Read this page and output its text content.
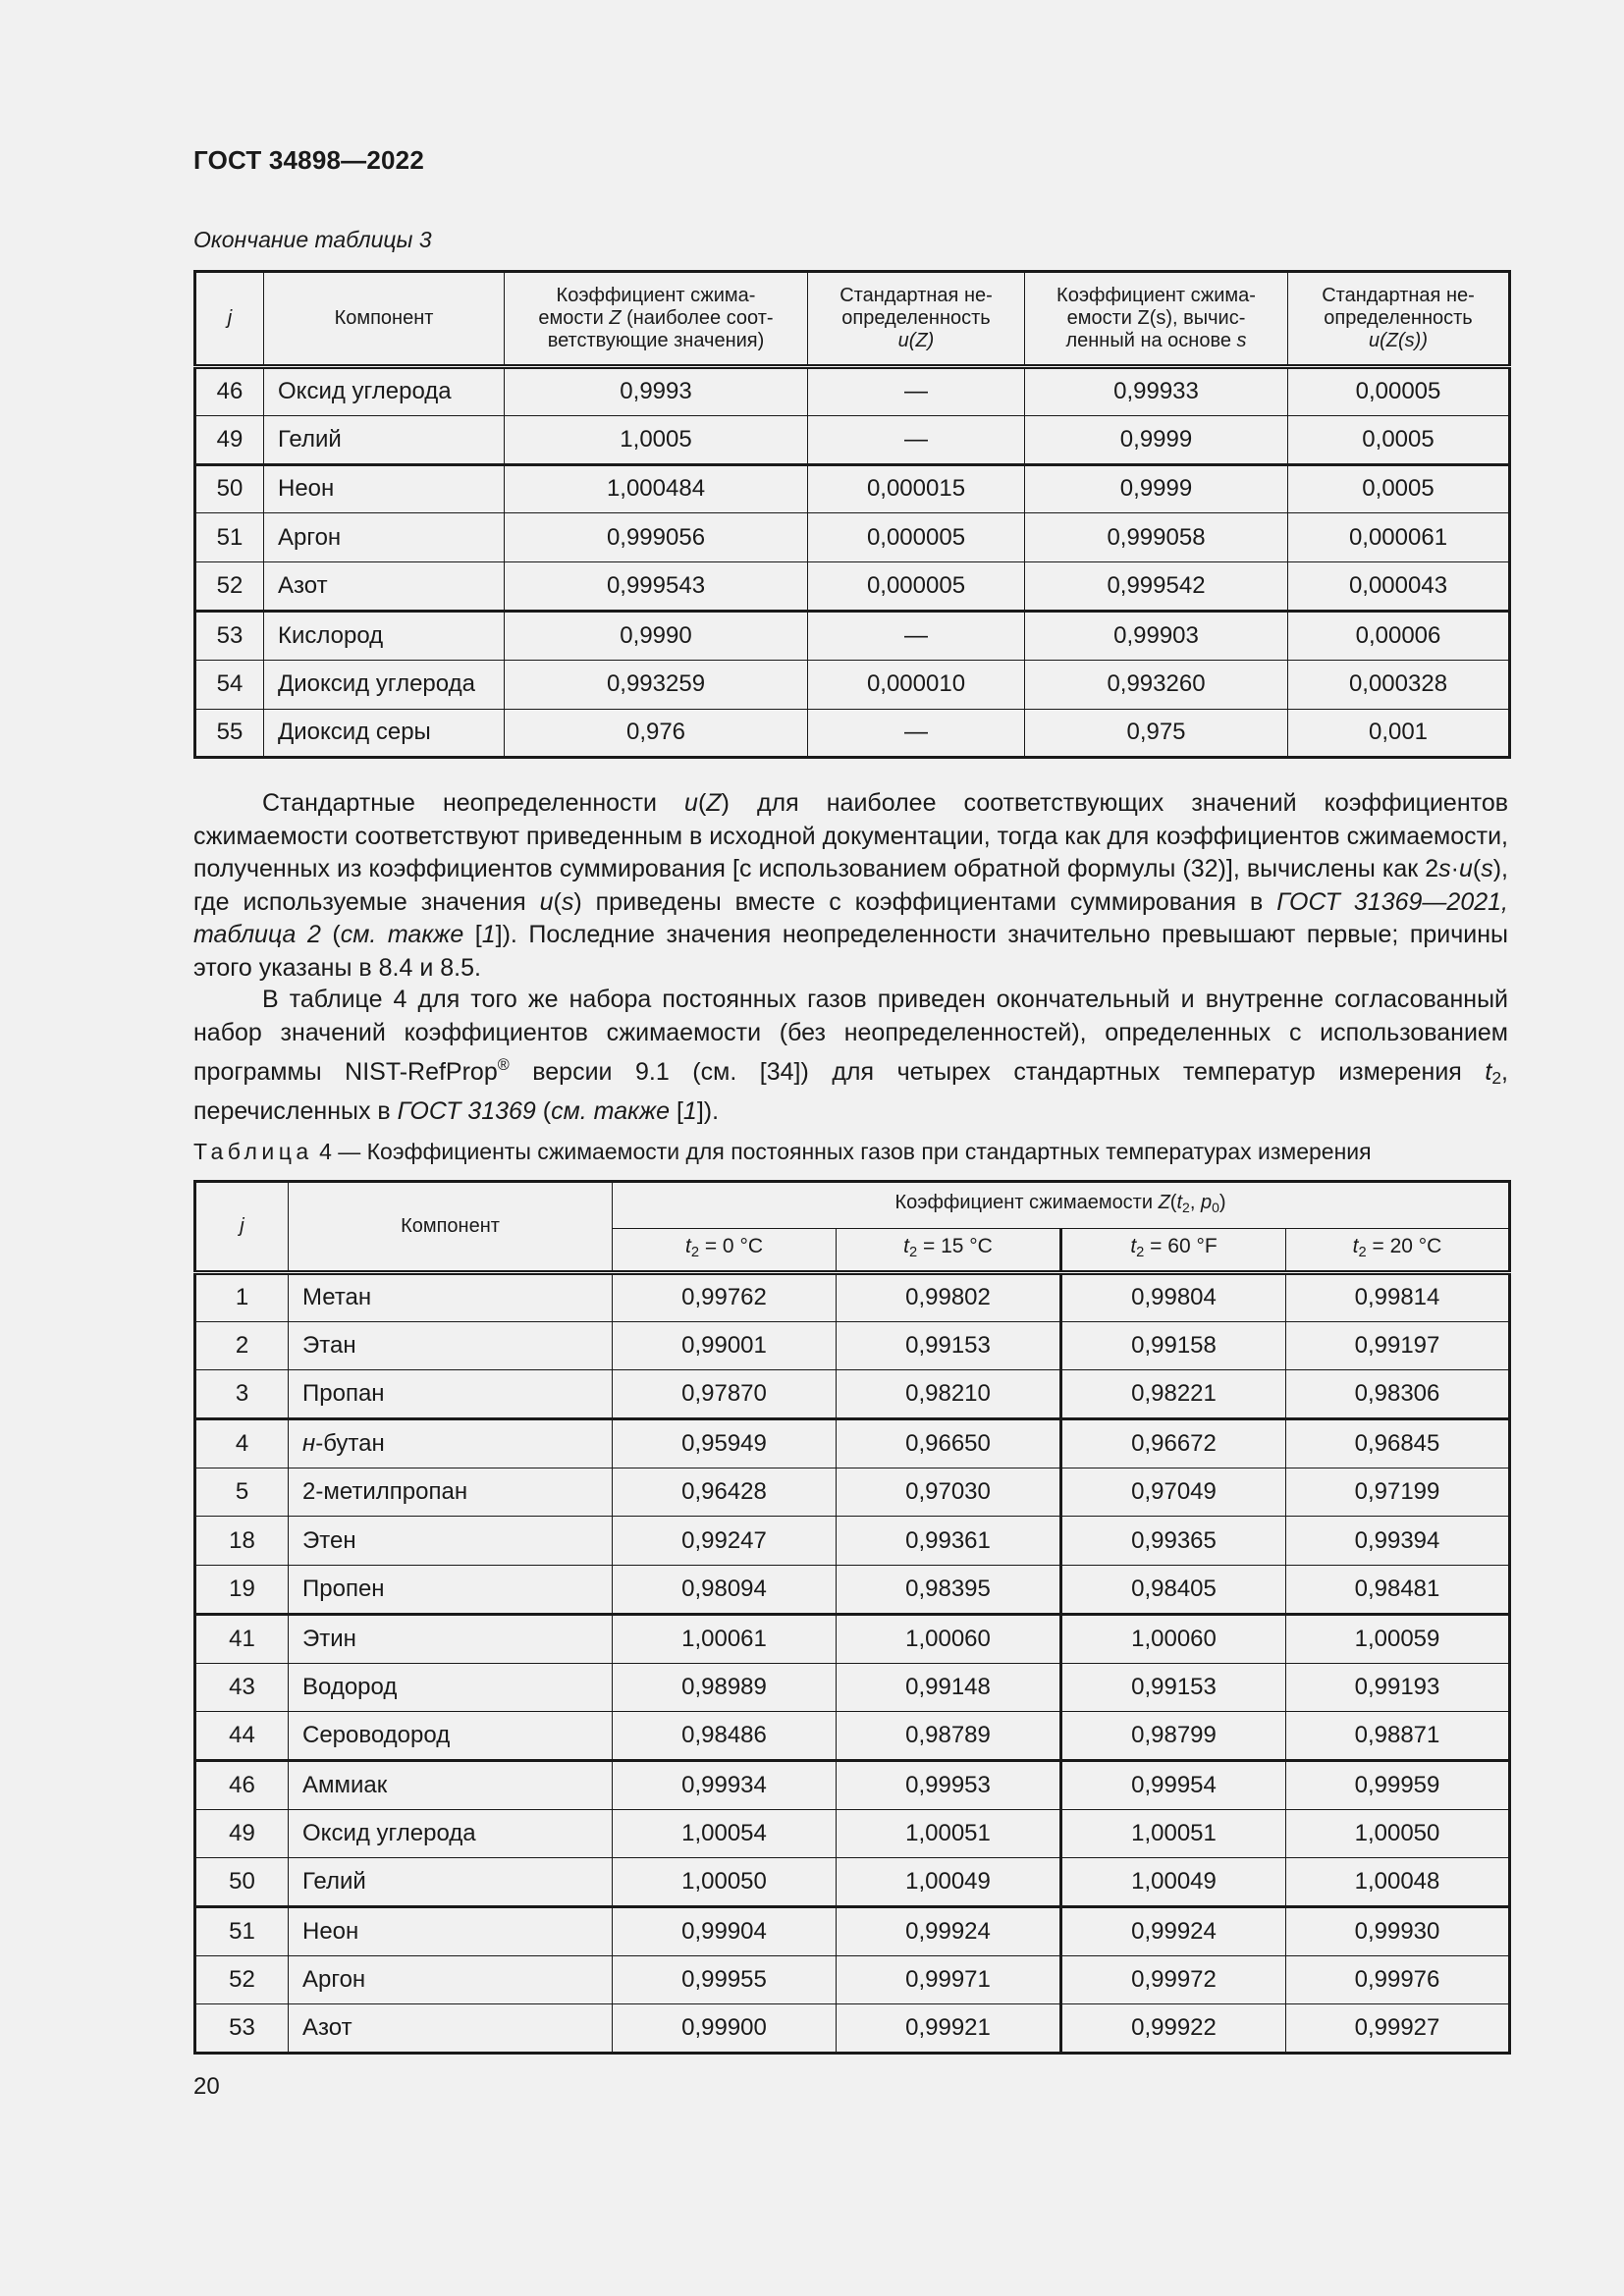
ГОСТ 34898—2022
Окончание таблицы 3
j	Компонент	Коэффициент сжима-
емости Z (наиболее соот-
ветствующие значения)	Стандартная не-
определенность
u(Z)	Коэффициент сжима-
емости Z(s), вычис-
ленный на основе s	Стандартная не-
определенность
u(Z(s))
46	Оксид углерода	0,9993	—	0,99933	0,00005
49	Гелий	1,0005	—	0,9999	0,0005
50	Неон	1,000484	0,000015	0,9999	0,0005
51	Аргон	0,999056	0,000005	0,999058	0,000061
52	Азот	0,999543	0,000005	0,999542	0,000043
53	Кислород	0,9990	—	0,99903	0,00006
54	Диоксид углерода	0,993259	0,000010	0,993260	0,000328
55	Диоксид серы	0,976	—	0,975	0,001
Стандартные неопределенности u(Z) для наиболее соответствующих значений коэффициентов сжимаемости соответствуют приведенным в исходной документации, тогда как для коэффициентов сжимаемости, полученных из коэффициентов суммирования [с использованием обратной формулы (32)], вычислены как 2s·u(s), где используемые значения u(s) приведены вместе с коэффициентами суммирования в ГОСТ 31369—2021, таблица 2 (см. также [1]). Последние значения неопределенности значительно превышают первые; причины этого указаны в 8.4 и 8.5.
В таблице 4 для того же набора постоянных газов приведен окончательный и внутренне согласованный набор значений коэффициентов сжимаемости (без неопределенностей), определенных с использованием программы NIST-RefProp® версии 9.1 (см. [34]) для четырех стандартных температур измерения $t_2$, перечисленных в ГОСТ 31369 (см. также [1]).
Таблица 4 — Коэффициенты сжимаемости для постоянных газов при стандартных температурах измерения
j	Компонент	Коэффициент сжимаемости $Z(t_2$, $p_0$)			
		$t_2 = 0$ °C	$t_2 = 15$ °C	$t_2 = 60$ °F	$t_2 = 20$ °C
1	Метан	0,99762	0,99802	0,99804	0,99814
2	Этан	0,99001	0,99153	0,99158	0,99197
3	Пропан	0,97870	0,98210	0,98221	0,98306
4	н-бутан	0,95949	0,96650	0,96672	0,96845
5	2-метилпропан	0,96428	0,97030	0,97049	0,97199
18	Этен	0,99247	0,99361	0,99365	0,99394
19	Пропен	0,98094	0,98395	0,98405	0,98481
41	Этин	1,00061	1,00060	1,00060	1,00059
43	Водород	0,98989	0,99148	0,99153	0,99193
44	Сероводород	0,98486	0,98789	0,98799	0,98871
46	Аммиак	0,99934	0,99953	0,99954	0,99959
49	Оксид углерода	1,00054	1,00051	1,00051	1,00050
50	Гелий	1,00050	1,00049	1,00049	1,00048
51	Неон	0,99904	0,99924	0,99924	0,99930
52	Аргон	0,99955	0,99971	0,99972	0,99976
53	Азот	0,99900	0,99921	0,99922	0,99927
20
